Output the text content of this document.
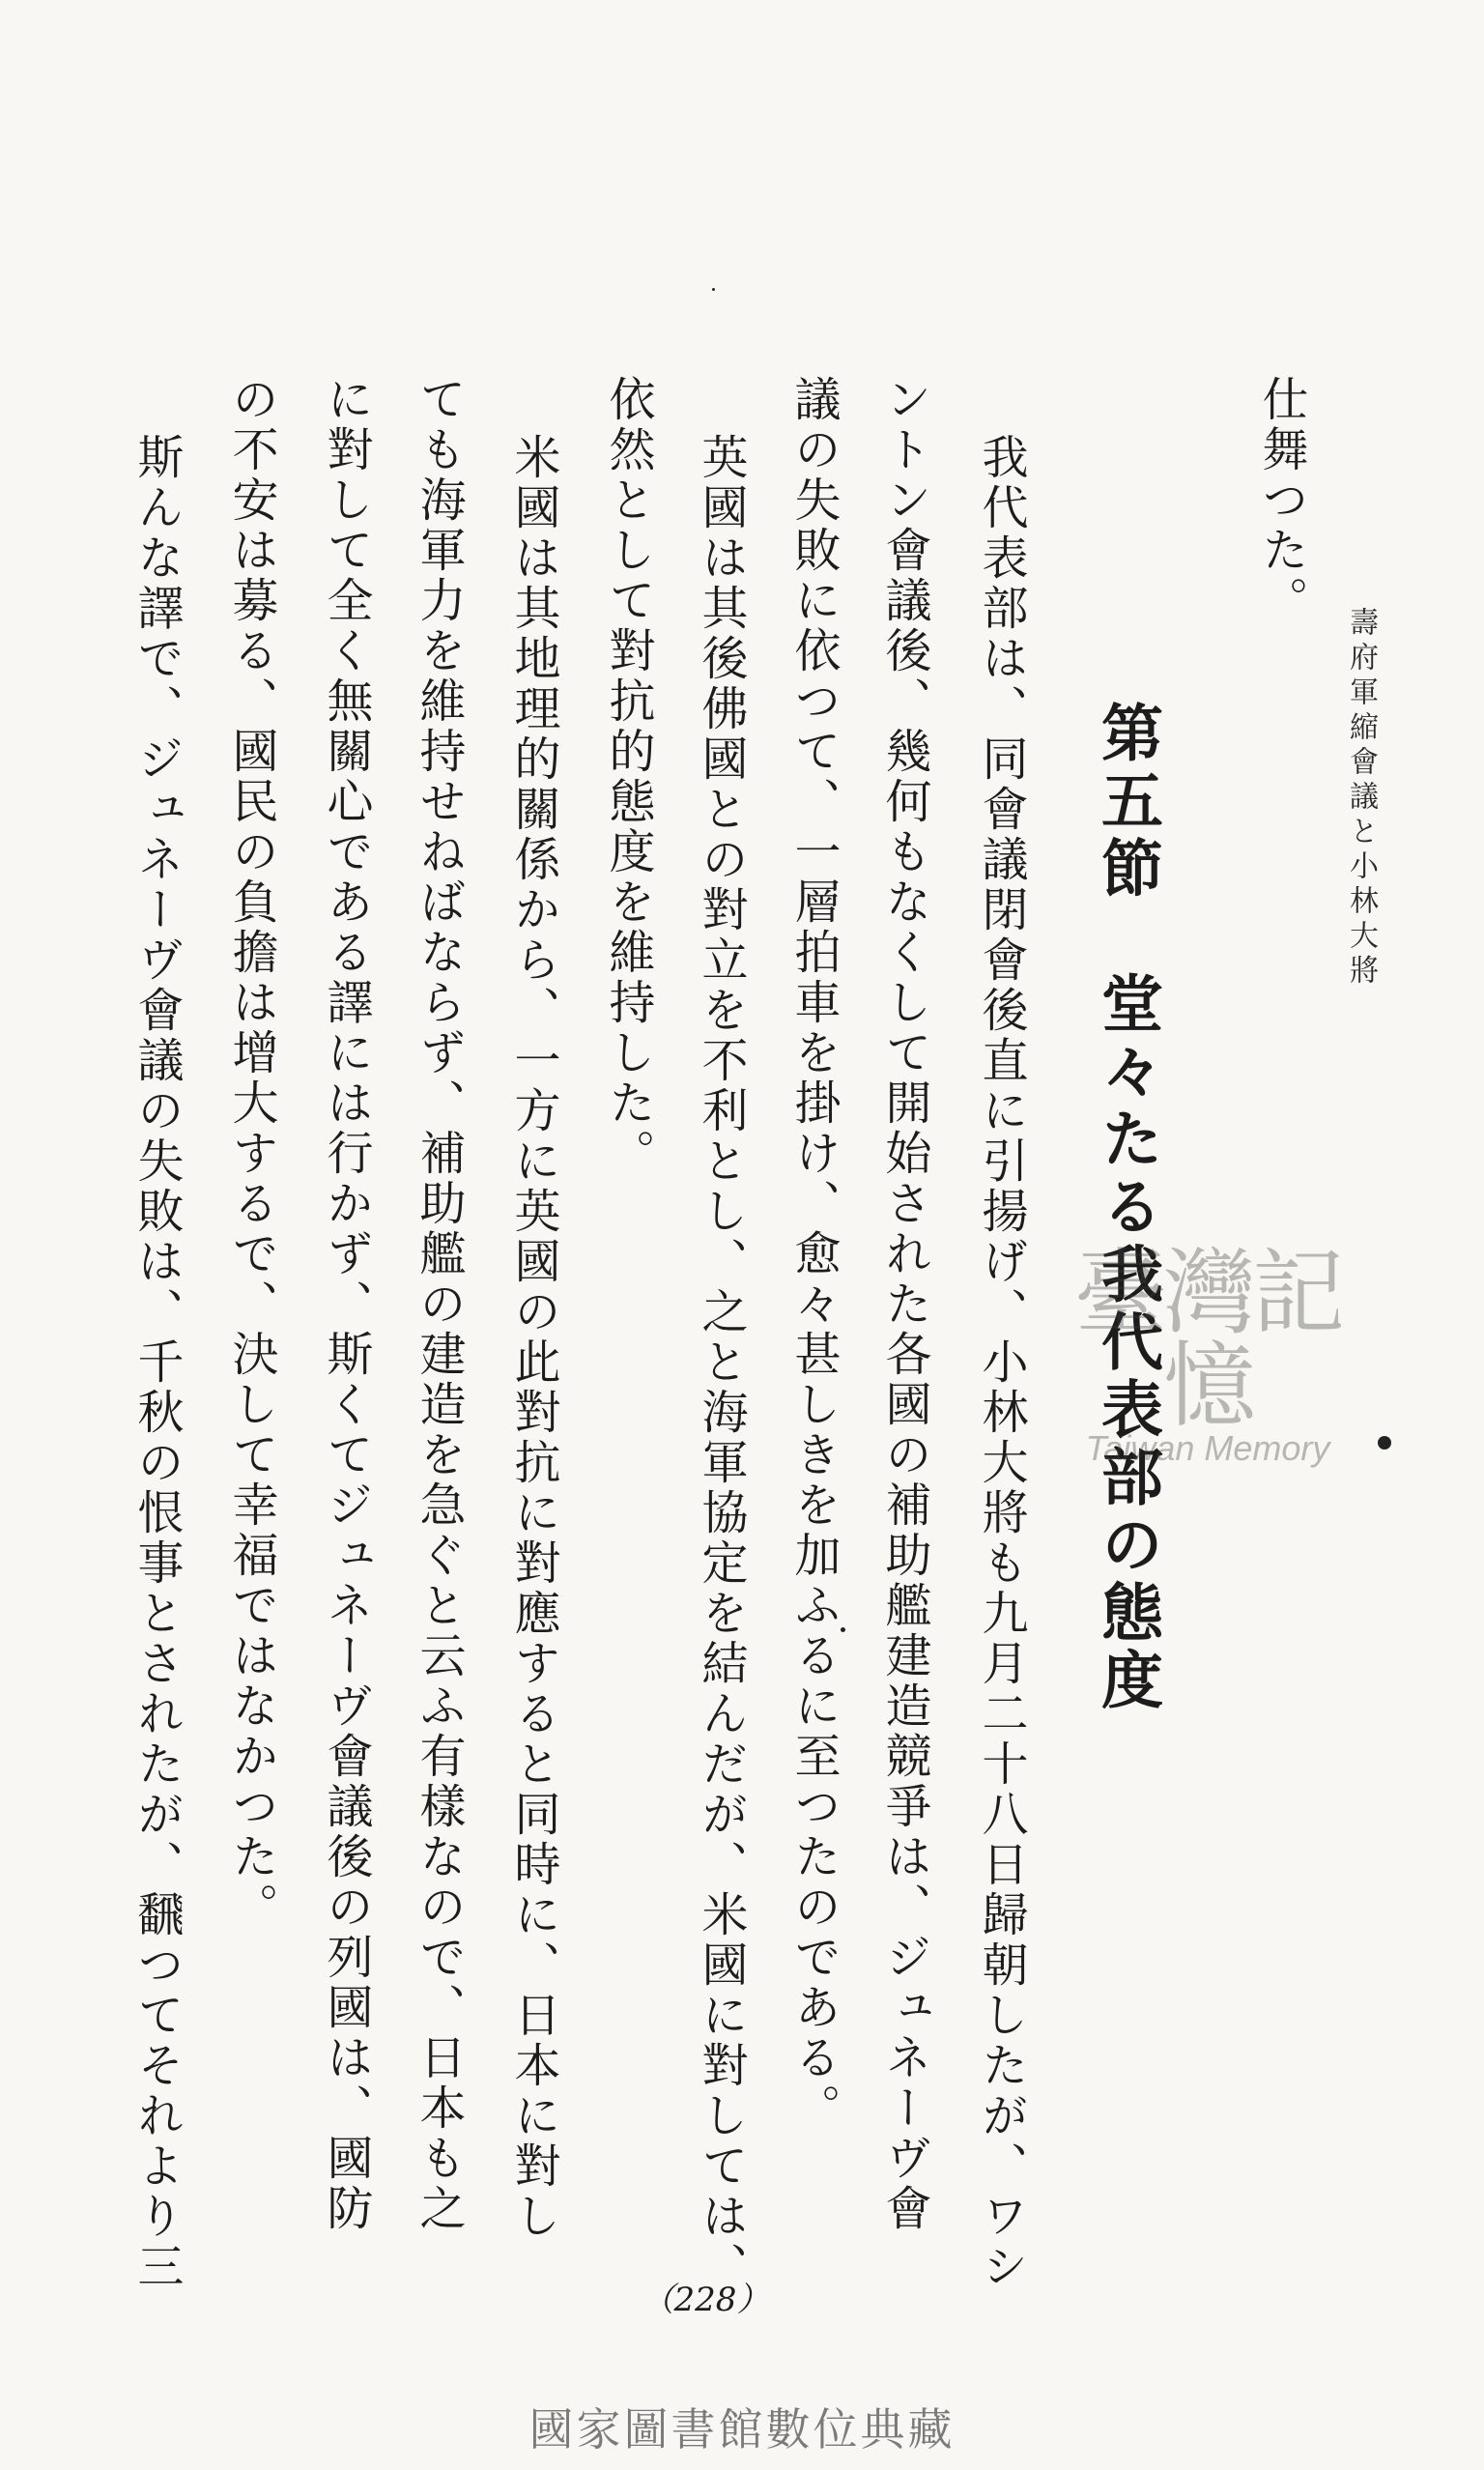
壽府軍縮會議と小林大將
仕舞つた。
第五節　堂々たる我代表部の態度
我代表部は、同會議閉會後直に引揚げ、小林大將も九月二十八日歸朝したが、ワシ
ントン會議後、幾何もなくして開始された各國の補助艦建造競爭は、ジュネーヴ會
議の失敗に依つて、一層拍車を掛け、愈々甚しきを加ふるに至つたのである。
英國は其後佛國との對立を不利とし、之と海軍協定を結んだが、米國に對しては、
依然として對抗的態度を維持した。
米國は其地理的關係から、一方に英國の此對抗に對應すると同時に、日本に對し
ても海軍力を維持せねばならず、補助艦の建造を急ぐと云ふ有樣なので、日本も之
に對して全く無關心である譯には行かず、斯くてジュネーヴ會議後の列國は、國防
の不安は募る、國民の負擔は增大するで、決して幸福ではなかつた。
斯んな譯で、ジュネーヴ會議の失敗は、千秋の恨事とされたが、飜つてそれより三	臺灣記憶
Taiwan Memory
（228）
國家圖書館數位典藏
